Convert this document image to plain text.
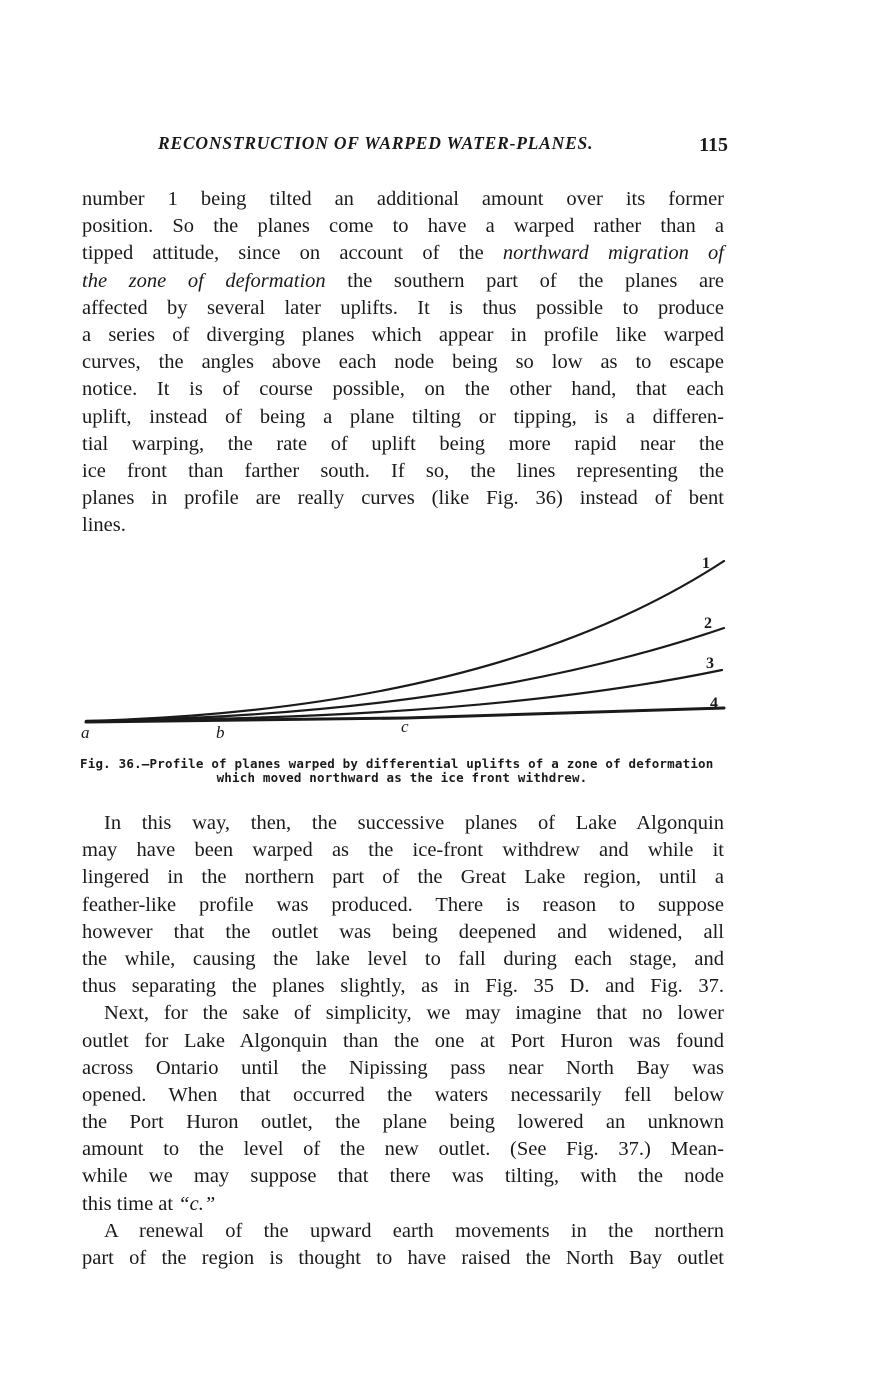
RECONSTRUCTION OF WARPED WATER-PLANES.	115
number 1 being tilted an additional amount over its former
position. So the planes come to have a warped rather than a
tipped attitude, since on account of the northward migration of
the zone of deformation the southern part of the planes are
affected by several later uplifts. It is thus possible to produce
a series of diverging planes which appear in profile like warped
curves, the angles above each node being so low as to escape
notice. It is of course possible, on the other hand, that each
uplift, instead of being a plane tilting or tipping, is a differen-
tial warping, the rate of uplift being more rapid near the
ice front than farther south. If so, the lines representing the
planes in profile are really curves (like Fig. 36) instead of bent
lines.
a	b	c
1
2
3
4
Fig. 36.—Profile of planes warped by differential uplifts of a zone of deformation
which moved northward as the ice front withdrew.
In this way, then, the successive planes of Lake Algonquin
may have been warped as the ice-front withdrew and while it
lingered in the northern part of the Great Lake region, until a
feather-like profile was produced. There is reason to suppose
however that the outlet was being deepened and widened, all
the while, causing the lake level to fall during each stage, and
thus separating the planes slightly, as in Fig. 35 D. and Fig. 37.
Next, for the sake of simplicity, we may imagine that no lower
outlet for Lake Algonquin than the one at Port Huron was found
across Ontario until the Nipissing pass near North Bay was
opened. When that occurred the waters necessarily fell below
the Port Huron outlet, the plane being lowered an unknown
amount to the level of the new outlet. (See Fig. 37.) Mean-
while we may suppose that there was tilting, with the node
this time at “c.”
A renewal of the upward earth movements in the northern
part of the region is thought to have raised the North Bay outlet
